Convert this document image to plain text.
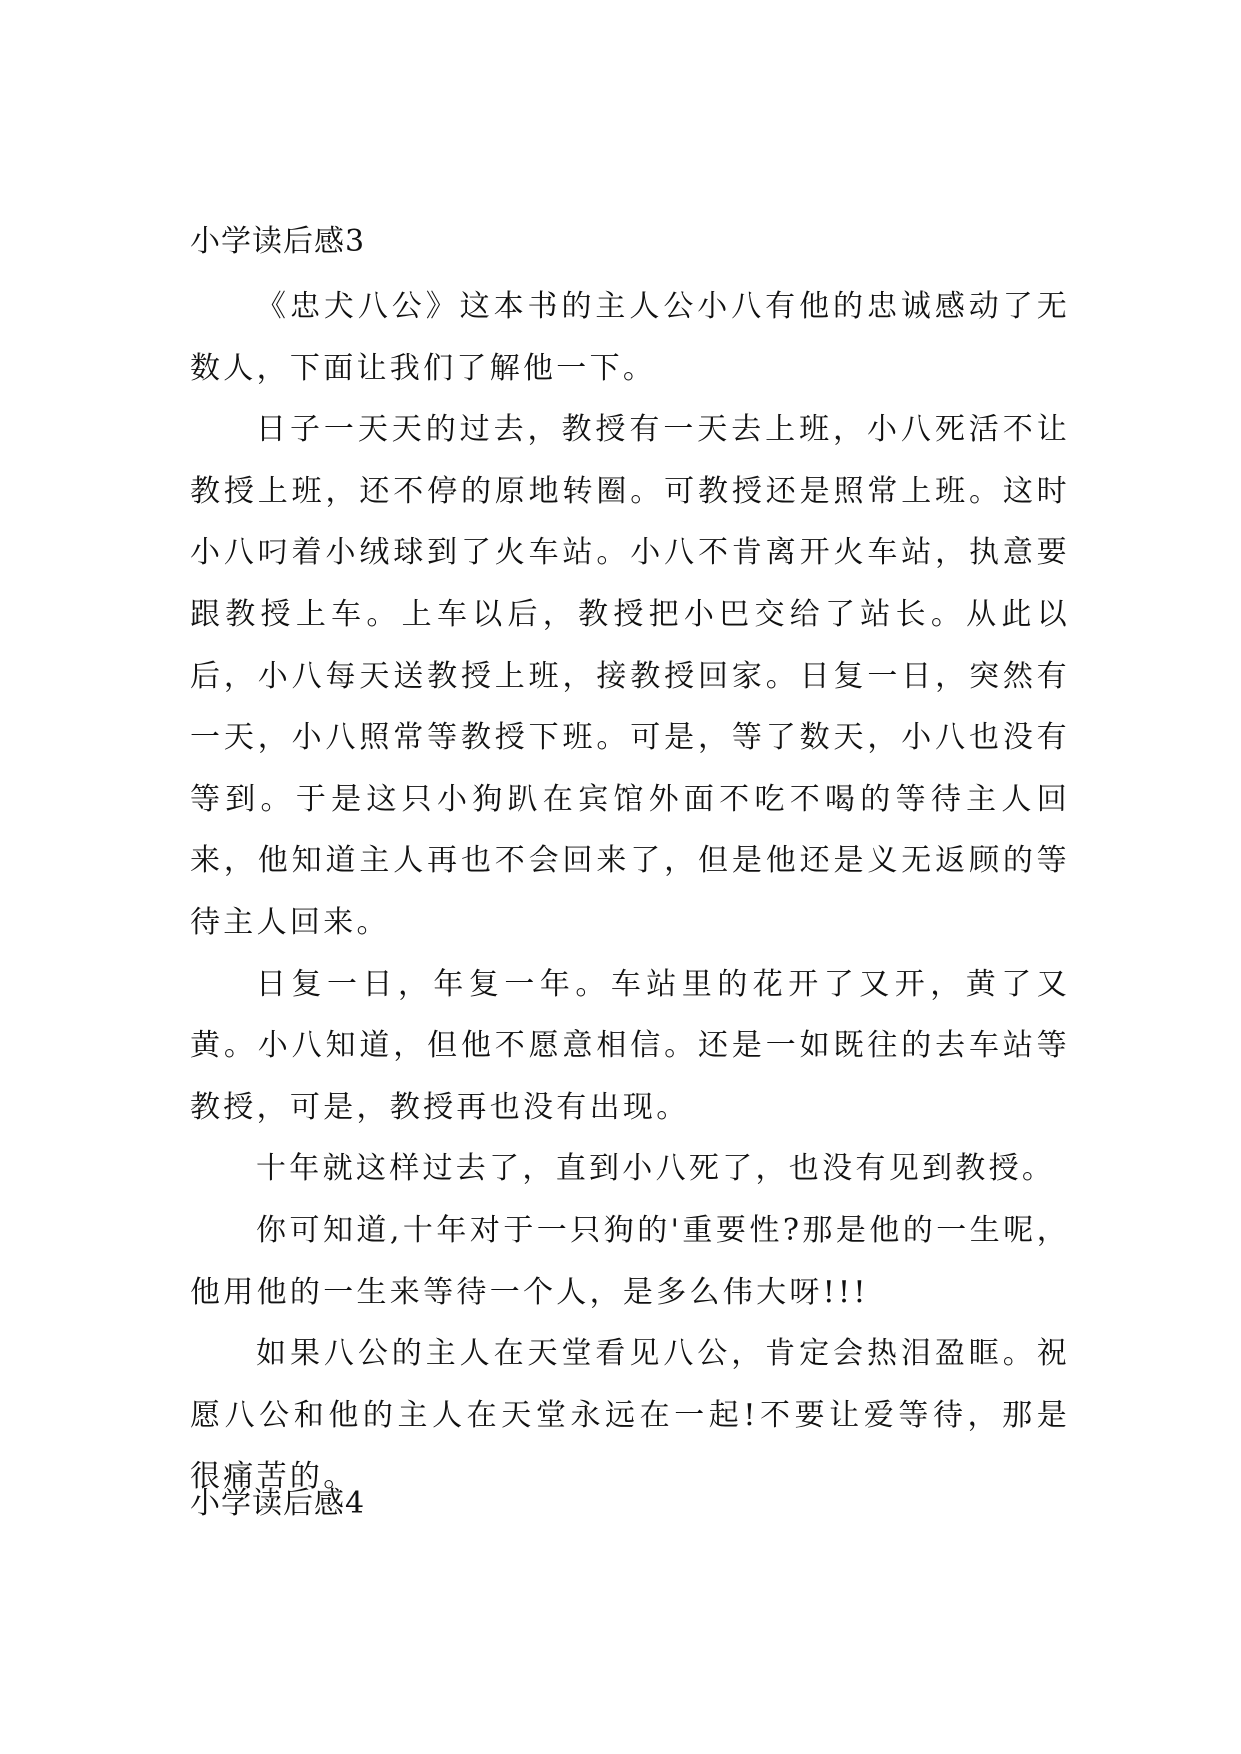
小学读后感3

《忠犬八公》这本书的主人公小八有他的忠诚感动了无数人，下面让我们了解他一下。

日子一天天的过去，教授有一天去上班，小八死活不让教授上班，还不停的原地转圈。可教授还是照常上班。这时小八叼着小绒球到了火车站。小八不肯离开火车站，执意要跟教授上车。上车以后，教授把小巴交给了站长。从此以后，小八每天送教授上班，接教授回家。日复一日，突然有一天，小八照常等教授下班。可是，等了数天，小八也没有等到。于是这只小狗趴在宾馆外面不吃不喝的等待主人回来，他知道主人再也不会回来了，但是他还是义无返顾的等待主人回来。

日复一日，年复一年。车站里的花开了又开，黄了又黄。小八知道，但他不愿意相信。还是一如既往的去车站等教授，可是，教授再也没有出现。

十年就这样过去了，直到小八死了，也没有见到教授。

你可知道,十年对于一只狗的'重要性?那是他的一生呢，他用他的一生来等待一个人，是多么伟大呀!!!

如果八公的主人在天堂看见八公，肯定会热泪盈眶。祝愿八公和他的主人在天堂永远在一起!不要让爱等待，那是很痛苦的。

小学读后感4
